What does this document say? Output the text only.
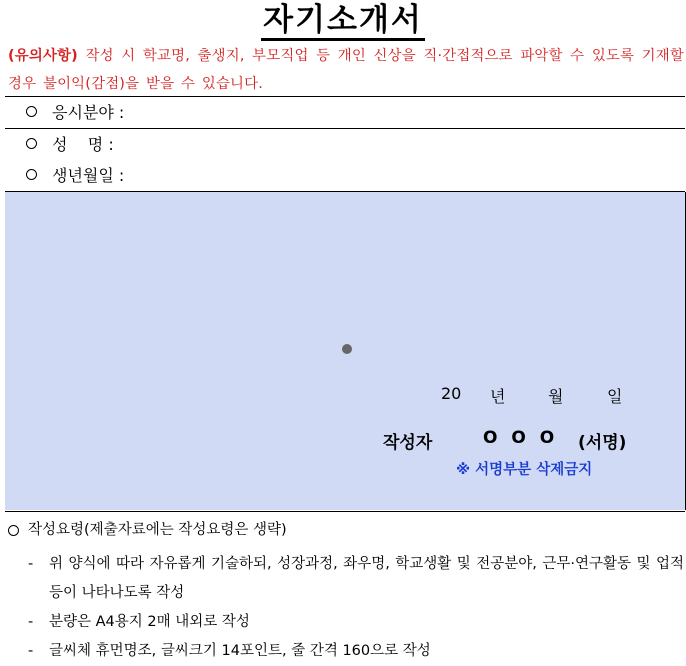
자기소개서
(유의사항) 작성 시 학교명, 출생지, 부모직업 등 개인 신상을 직·간접적으로 파악할 수 있도록 기재할 경우 불이익(감점)을 받을 수 있습니다.
응시분야 :
성    명 :
생년월일 :
20 년	월	일
작성자	O O O (서명)
※ 서명부분 삭제금지
작성요령(제출자료에는 작성요령은 생략)
- 위 양식에 따라 자유롭게 기술하되, 성장과정, 좌우명, 학교생활 및 전공분야, 근무·연구활동 및 업적 등이 나타나도록 작성
- 분량은 A4용지 2매 내외로 작성
- 글씨체 휴먼명조, 글씨크기 14포인트, 줄 간격 160으로 작성
